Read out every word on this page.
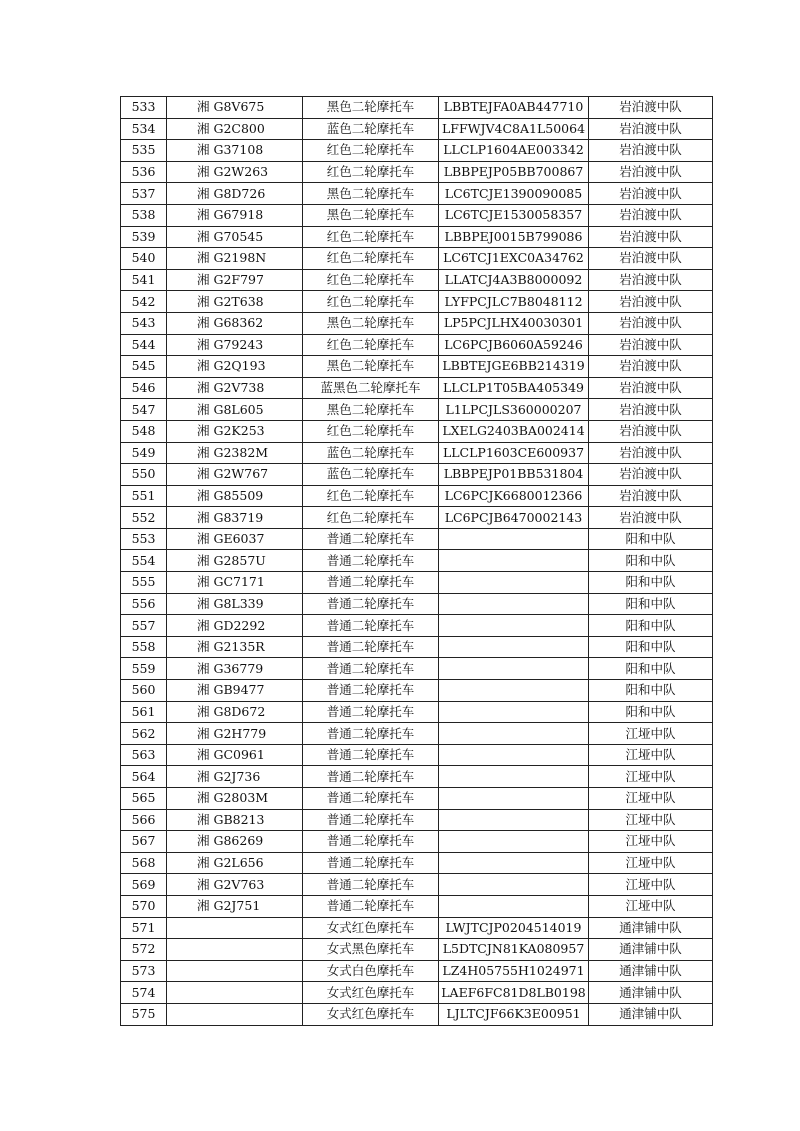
533	湘 G8V675	黑色二轮摩托车	LBBTEJFA0AB447710	岩泊渡中队
534	湘 G2C800	蓝色二轮摩托车	LFFWJV4C8A1L50064	岩泊渡中队
535	湘 G37108	红色二轮摩托车	LLCLP1604AE003342	岩泊渡中队
536	湘 G2W263	红色二轮摩托车	LBBPEJP05BB700867	岩泊渡中队
537	湘 G8D726	黑色二轮摩托车	LC6TCJE1390090085	岩泊渡中队
538	湘 G67918	黑色二轮摩托车	LC6TCJE1530058357	岩泊渡中队
539	湘 G70545	红色二轮摩托车	LBBPEJ0015B799086	岩泊渡中队
540	湘 G2198N	红色二轮摩托车	LC6TCJ1EXC0A34762	岩泊渡中队
541	湘 G2F797	红色二轮摩托车	LLATCJ4A3B8000092	岩泊渡中队
542	湘 G2T638	红色二轮摩托车	LYFPCJLC7B8048112	岩泊渡中队
543	湘 G68362	黑色二轮摩托车	LP5PCJLHX40030301	岩泊渡中队
544	湘 G79243	红色二轮摩托车	LC6PCJB6060A59246	岩泊渡中队
545	湘 G2Q193	黑色二轮摩托车	LBBTEJGE6BB214319	岩泊渡中队
546	湘 G2V738	蓝黑色二轮摩托车	LLCLP1T05BA405349	岩泊渡中队
547	湘 G8L605	黑色二轮摩托车	L1LPCJLS360000207	岩泊渡中队
548	湘 G2K253	红色二轮摩托车	LXELG2403BA002414	岩泊渡中队
549	湘 G2382M	蓝色二轮摩托车	LLCLP1603CE600937	岩泊渡中队
550	湘 G2W767	蓝色二轮摩托车	LBBPEJP01BB531804	岩泊渡中队
551	湘 G85509	红色二轮摩托车	LC6PCJK6680012366	岩泊渡中队
552	湘 G83719	红色二轮摩托车	LC6PCJB6470002143	岩泊渡中队
553	湘 GE6037	普通二轮摩托车		阳和中队
554	湘 G2857U	普通二轮摩托车		阳和中队
555	湘 GC7171	普通二轮摩托车		阳和中队
556	湘 G8L339	普通二轮摩托车		阳和中队
557	湘 GD2292	普通二轮摩托车		阳和中队
558	湘 G2135R	普通二轮摩托车		阳和中队
559	湘 G36779	普通二轮摩托车		阳和中队
560	湘 GB9477	普通二轮摩托车		阳和中队
561	湘 G8D672	普通二轮摩托车		阳和中队
562	湘 G2H779	普通二轮摩托车		江垭中队
563	湘 GC0961	普通二轮摩托车		江垭中队
564	湘 G2J736	普通二轮摩托车		江垭中队
565	湘 G2803M	普通二轮摩托车		江垭中队
566	湘 GB8213	普通二轮摩托车		江垭中队
567	湘 G86269	普通二轮摩托车		江垭中队
568	湘 G2L656	普通二轮摩托车		江垭中队
569	湘 G2V763	普通二轮摩托车		江垭中队
570	湘 G2J751	普通二轮摩托车		江垭中队
571		女式红色摩托车	LWJTCJP0204514019	通津铺中队
572		女式黑色摩托车	L5DTCJN81KA080957	通津铺中队
573		女式白色摩托车	LZ4H05755H1024971	通津铺中队
574		女式红色摩托车	LAEF6FC81D8LB0198	通津铺中队
575		女式红色摩托车	LJLTCJF66K3E00951	通津铺中队
